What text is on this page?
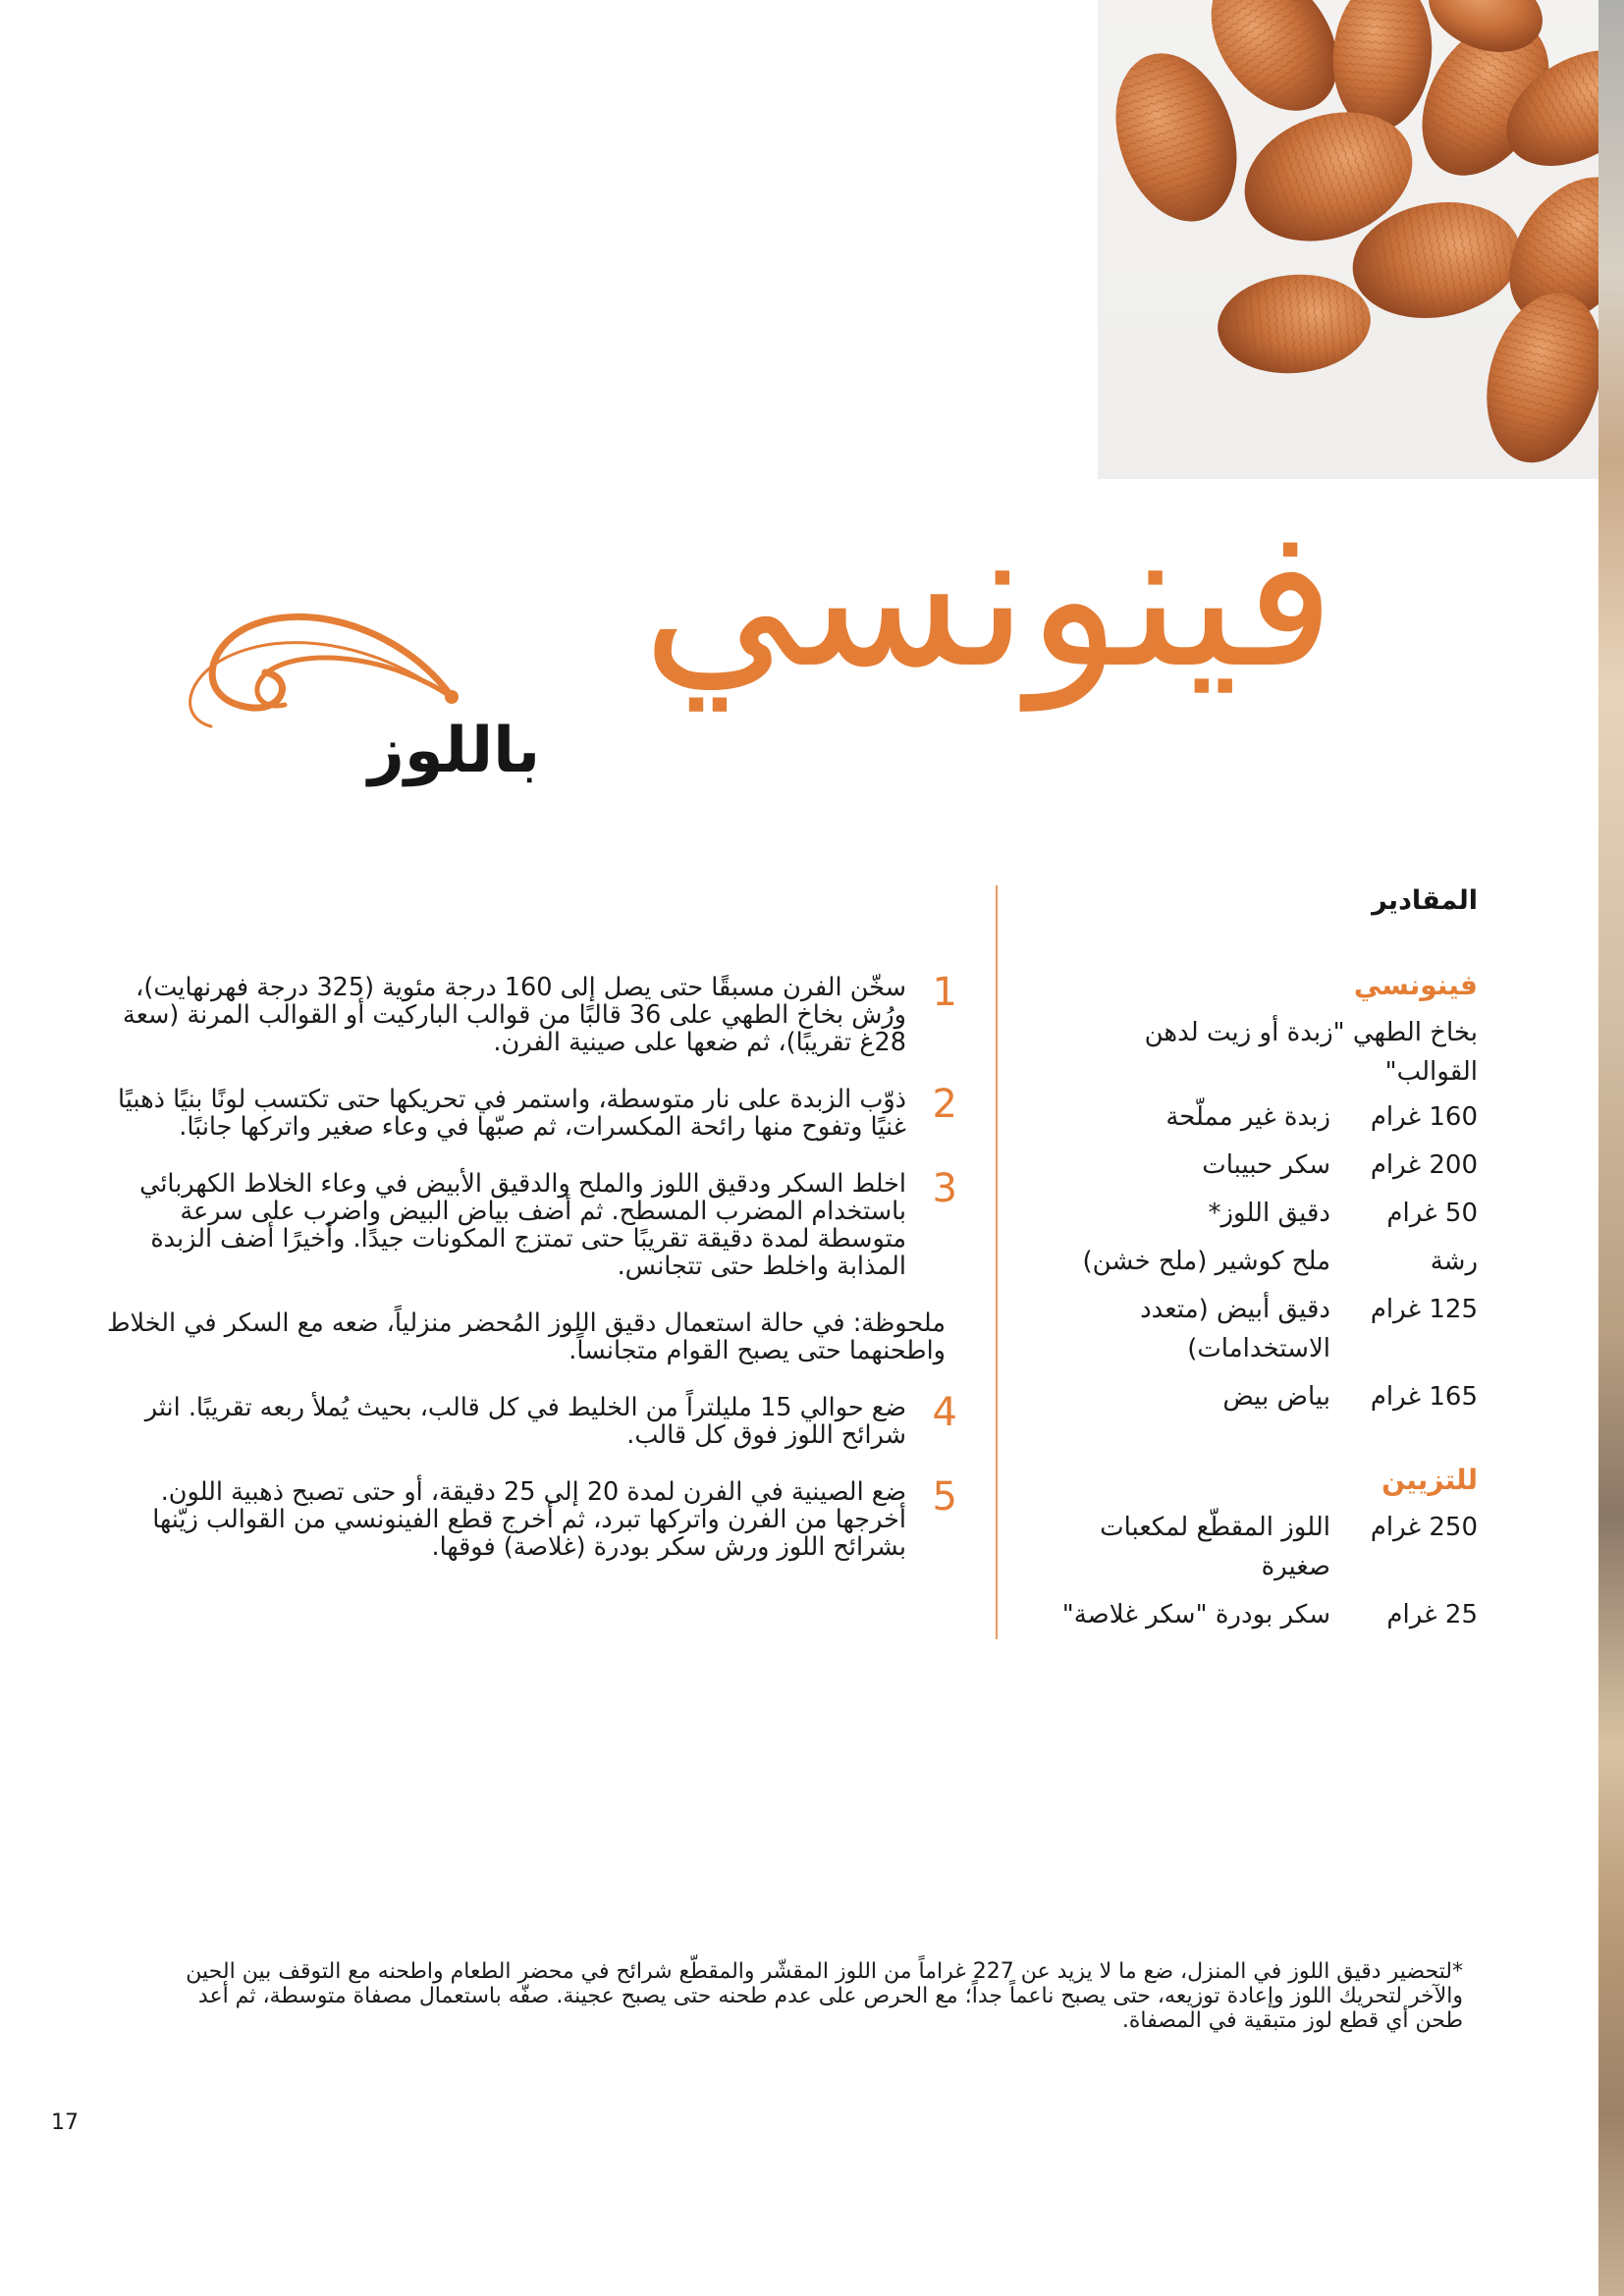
فينونسي
باللوز
المقادير
فينونسي
بخاخ الطهي "زبدة أو زيت لدهن القوالب"
160 غرام
زبدة غير مملّحة
200 غرام
سكر حبيبات
50 غرام
دقيق اللوز*
رشة
ملح كوشير (ملح خشن)
125 غرام
دقيق أبيض (متعدد الاستخدامات)
165 غرام
بياض بيض
للتزيين
250 غرام
اللوز المقطّع لمكعبات صغيرة
25 غرام
سكر بودرة "سكر غلاصة"
1
سخّن الفرن مسبقًا حتى يصل إلى 160 درجة مئوية (325 درجة فهرنهايت)، ورُش بخاخ الطهي على 36 قالبًا من قوالب الباركيت أو القوالب المرنة (سعة 28غ تقريبًا)، ثم ضعها على صينية الفرن.
2
ذوّب الزبدة على نار متوسطة، واستمر في تحريكها حتى تكتسب لونًا بنيًا ذهبيًا غنيًا وتفوح منها رائحة المكسرات، ثم صبّها في وعاء صغير واتركها جانبًا.
3
اخلط السكر ودقيق اللوز والملح والدقيق الأبيض في وعاء الخلاط الكهربائي باستخدام المضرب المسطح. ثم أضف بياض البيض واضرب على سرعة متوسطة لمدة دقيقة تقريبًا حتى تمتزج المكونات جيدًا. وأخيرًا أضف الزبدة المذابة واخلط حتى تتجانس.
ملحوظة: في حالة استعمال دقيق اللوز المُحضر منزلياً، ضعه مع السكر في الخلاط واطحنهما حتى يصبح القوام متجانساً.
4
ضع حوالي 15 مليلتراً من الخليط في كل قالب، بحيث يُملأ ربعه تقريبًا. انثر شرائح اللوز فوق كل قالب.
5
ضع الصينية في الفرن لمدة 20 إلى 25 دقيقة، أو حتى تصبح ذهبية اللون. أخرجها من الفرن واتركها تبرد، ثم أخرج قطع الفينونسي من القوالب زيّنها بشرائح اللوز ورش سكر بودرة (غلاصة) فوقها.
*لتحضير دقيق اللوز في المنزل، ضع ما لا يزيد عن 227 غراماً من اللوز المقشّر والمقطّع شرائح في محضر الطعام واطحنه مع التوقف بين الحين والآخر لتحريك اللوز وإعادة توزيعه، حتى يصبح ناعماً جداً؛ مع الحرص على عدم طحنه حتى يصبح عجينة. صفّه باستعمال مصفاة متوسطة، ثم أعد طحن أي قطع لوز متبقية في المصفاة.
17
